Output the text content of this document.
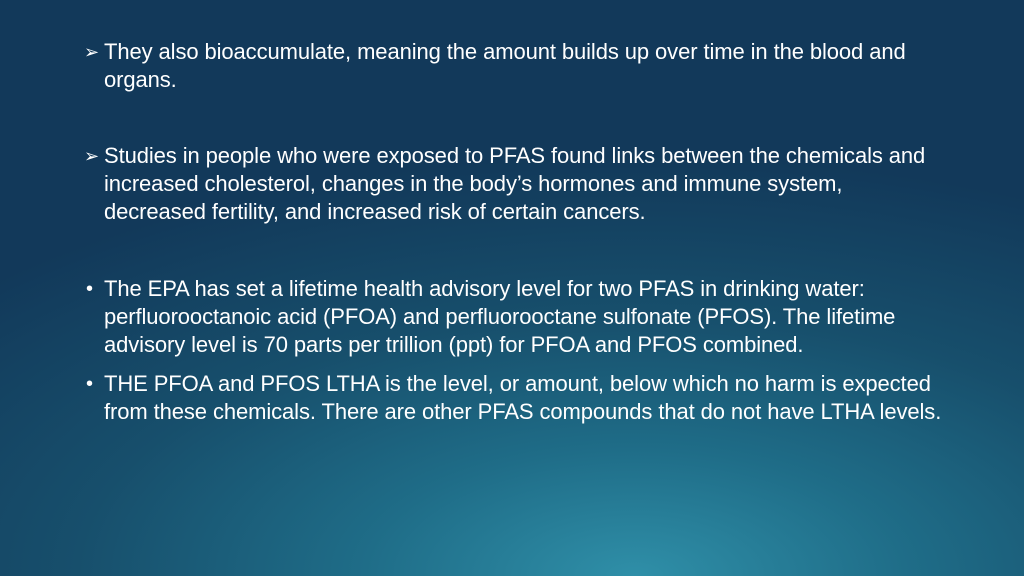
➢ They also bioaccumulate, meaning the amount builds up over time in the blood and organs.
➢ Studies in people who were exposed to PFAS found links between the chemicals and increased cholesterol, changes in the body’s hormones and immune system, decreased fertility, and increased risk of certain cancers.
• The EPA has set a lifetime health advisory level for two PFAS in drinking water: perfluorooctanoic acid (PFOA) and perfluorooctane sulfonate (PFOS). The lifetime advisory level is 70 parts per trillion (ppt) for PFOA and PFOS combined.
• THE PFOA and PFOS LTHA is the level, or amount, below which no harm is expected from these chemicals. There are other PFAS compounds that do not have LTHA levels.
